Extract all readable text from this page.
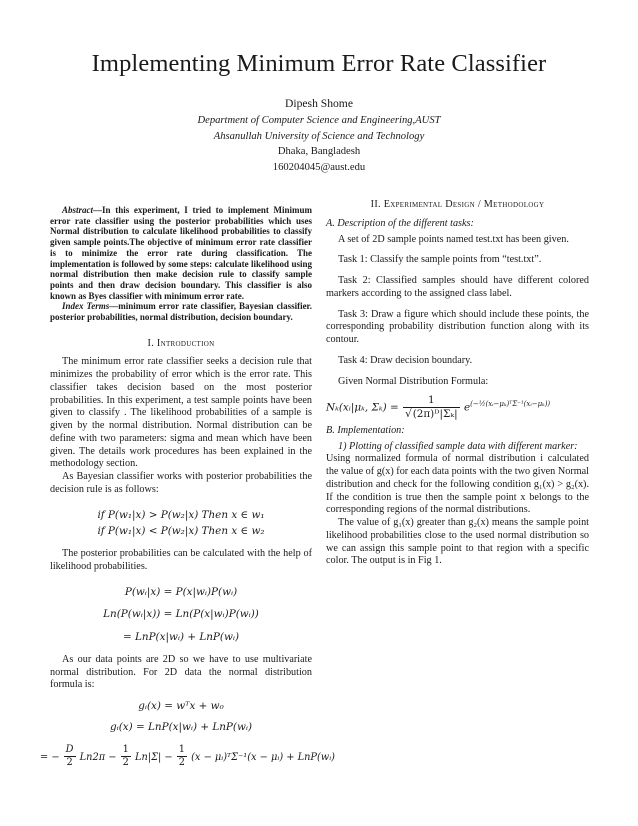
Implementing Minimum Error Rate Classifier
Dipesh Shome
Department of Computer Science and Engineering,AUST
Ahsanullah University of Science and Technology
Dhaka, Bangladesh
160204045@aust.edu

Abstract—In this experiment, I tried to implement Minimum error rate classifier using the posterior probabilities which uses Normal distribution to calculate likelihood probabilities to classify given sample points.The objective of minimum error rate classifier is to minimize the error rate during classification. The implementation is followed by some steps: calculate likelihood using normal distribution then make decision rule to classify sample points and then draw decision boundary. This classifier is also known as Byes classifier with minimum error rate.

Index Terms—minimum error rate classifier, Bayesian classifier. posterior probabilities, normal distribution, decision boundary.

I. Introduction

The minimum error rate classifier seeks a decision rule that minimizes the probability of error which is the error rate. This classifier takes decision based on the most posterior probabilities. In this experiment, a test sample points have been given to classify . The likelihood probabilities of a sample is given by the normal distribution. Normal distribution can be define with two parameters: sigma and mean which have been given. The details work procedures has been explained in the methodology section.

As Bayesian classifier works with posterior probabilities the decision rule is as follows:

if P(w₁|x) > P(w₂|x) Then x ∈ w₁
if P(w₁|x) < P(w₂|x) Then x ∈ w₂

The posterior probabilities can be calculated with the help of likelihood probabilities.

P(wᵢ|x) = P(x|wᵢ)P(wᵢ)
Ln(P(wᵢ|x)) = Ln(P(x|wᵢ)P(wᵢ))
= LnP(x|wᵢ) + LnP(wᵢ)

As our data points are 2D so we have to use multivariate normal distribution. For 2D data the normal distribution formula is:

gᵢ(x) = wᵀx + w₀
gᵢ(x) = LnP(x|wᵢ) + LnP(wᵢ)
= − $\frac{D}{2} Ln2\pi - \frac{1}{2} Ln|\Sigma| - \frac{1}{2} (x$ − μᵢ)ᵀΣ⁻¹(x − μᵢ) + LnP(wᵢ)
II. Experimental Design / Methodology
A. Description of the different tasks:

A set of 2D sample points named test.txt has been given.

Task 1: Classify the sample points from “test.txt”.

Task 2: Classified samples should have different colored markers according to the assigned class label.

Task 3: Draw a figure which should include these points, the corresponding probability distribution function along with its contour.

Task 4: Draw decision boundary.

Given Normal Distribution Formula:

Nₖ(xᵢ|μₖ, $\Sigma_k) = \frac{1}{\text{√(2π)ᴰ|Σₖ|}} e^{(-\frac{1}{2}(xᵢ-\mu_k)ᵀ\Sigma^{-1}(xᵢ-\mu_k))}$
B. Implementation:

1) Plotting of classified sample data with different marker:

Using normalized formula of normal distribution i calculated the value of g(x) for each data points with the two given Normal distribution and check for the following condition g₁(x) > g₂(x). If the condition is true then the sample point x belongs to the corresponding regions of the normal distributions.

The value of g₁(x) greater than g₂(x) means the sample point likelihood probabilities close to the used normal distribution so we can assign this sample point to that region with a specific color. The output is in Fig 1.
